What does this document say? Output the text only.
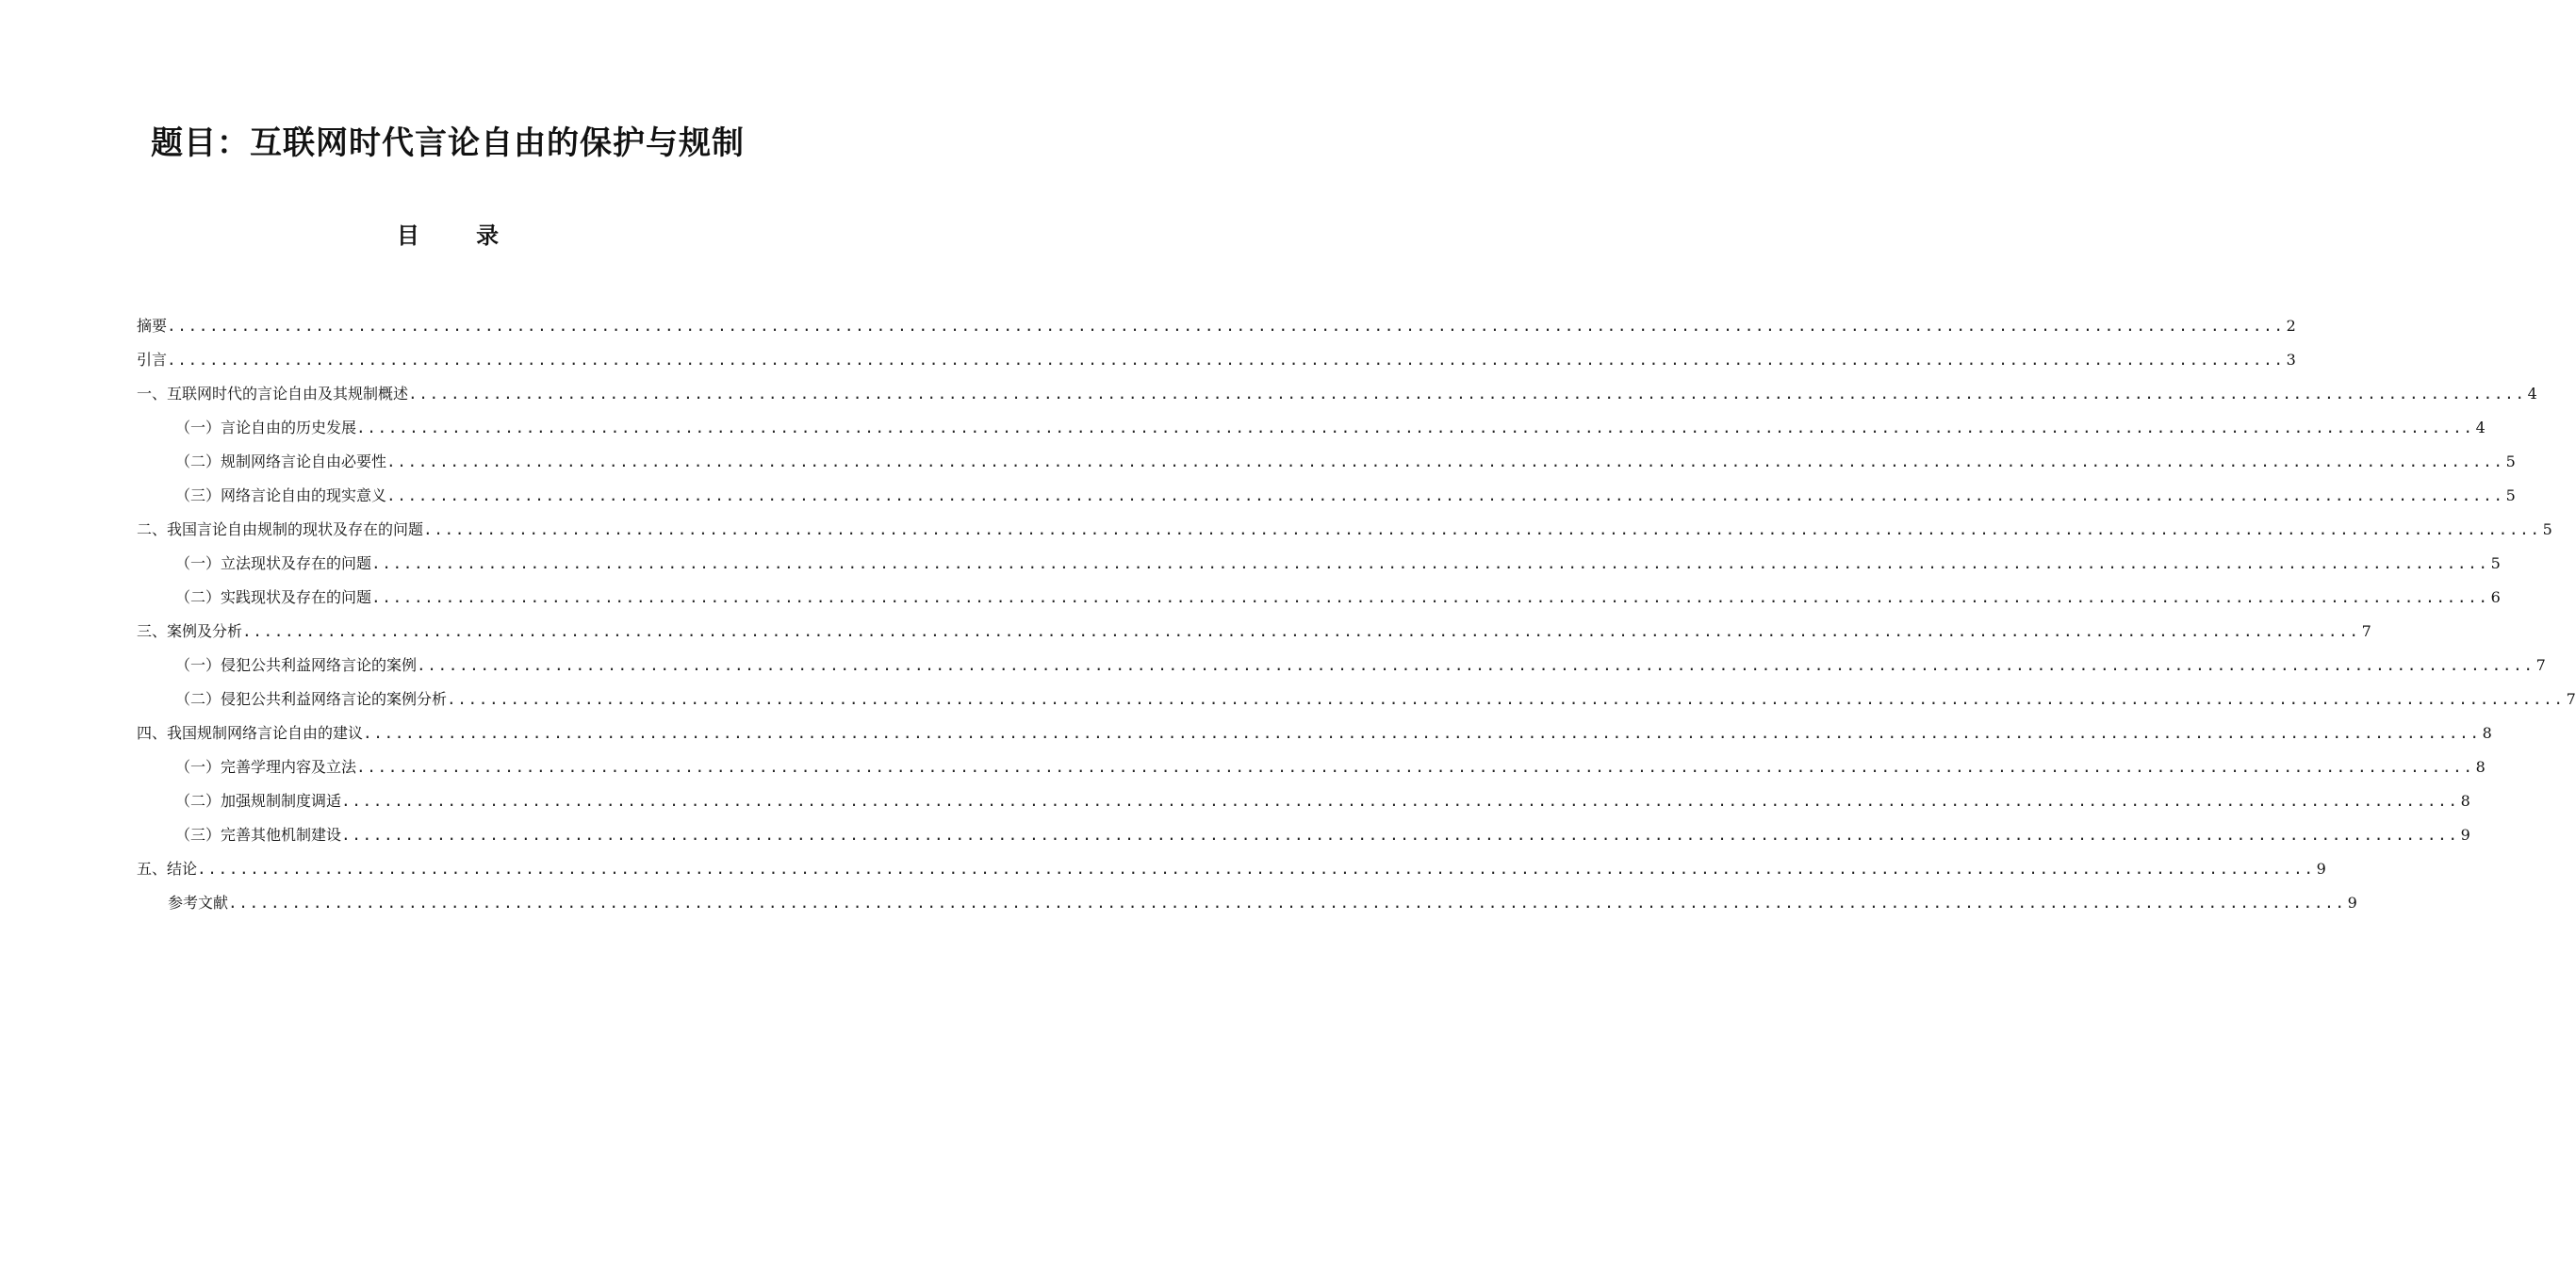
题目：互联网时代言论自由的保护与规制
目 录
摘要 ........................................................................................................................................................................................................ 2
引言 ........................................................................................................................................................................................................ 3
一、互联网时代的言论自由及其规制概述 ........................................................................................................................................................................................................ 4
（一）言论自由的历史发展 ........................................................................................................................................................................................................ 4
（二）规制网络言论自由必要性 ........................................................................................................................................................................................................ 5
（三）网络言论自由的现实意义 ........................................................................................................................................................................................................ 5
二、我国言论自由规制的现状及存在的问题 ........................................................................................................................................................................................................ 5
（一）立法现状及存在的问题 ........................................................................................................................................................................................................ 5
（二）实践现状及存在的问题 ........................................................................................................................................................................................................ 6
三、案例及分析 ........................................................................................................................................................................................................ 7
（一）侵犯公共利益网络言论的案例 ........................................................................................................................................................................................................ 7
（二）侵犯公共利益网络言论的案例分析 ........................................................................................................................................................................................................ 7
四、我国规制网络言论自由的建议 ........................................................................................................................................................................................................ 8
（一）完善学理内容及立法 ........................................................................................................................................................................................................ 8
（二）加强规制制度调适 ........................................................................................................................................................................................................ 8
（三）完善其他机制建设 ........................................................................................................................................................................................................ 9
五、结论 ........................................................................................................................................................................................................ 9
参考文献 ........................................................................................................................................................................................................ 9
